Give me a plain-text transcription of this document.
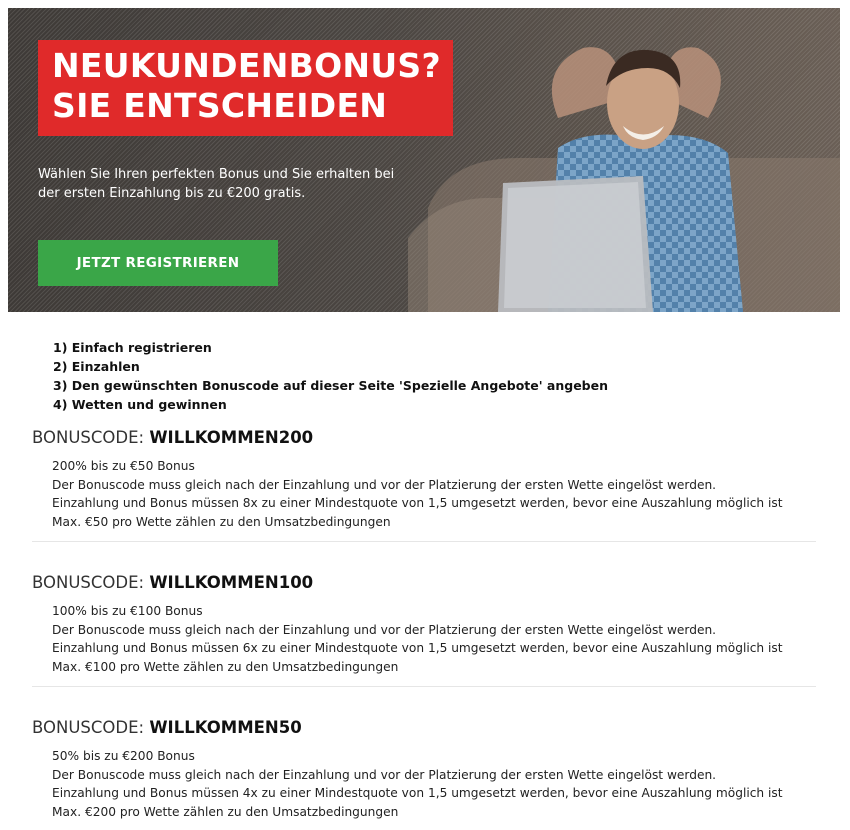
NEUKUNDENBONUS?
SIE ENTSCHEIDEN

Wählen Sie Ihren perfekten Bonus und Sie erhalten bei der ersten Einzahlung bis zu €200 gratis.

JETZT REGISTRIEREN
1) Einfach registrieren
2) Einzahlen
3) Den gewünschten Bonuscode auf dieser Seite 'Spezielle Angebote' angeben
4) Wetten und gewinnen
BONUSCODE: WILLKOMMEN200
200% bis zu €50 Bonus
Der Bonuscode muss gleich nach der Einzahlung und vor der Platzierung der ersten Wette eingelöst werden.
Einzahlung und Bonus müssen 8x zu einer Mindestquote von 1,5 umgesetzt werden, bevor eine Auszahlung möglich ist
Max. €50 pro Wette zählen zu den Umsatzbedingungen
BONUSCODE: WILLKOMMEN100
100% bis zu €100 Bonus
Der Bonuscode muss gleich nach der Einzahlung und vor der Platzierung der ersten Wette eingelöst werden.
Einzahlung und Bonus müssen 6x zu einer Mindestquote von 1,5 umgesetzt werden, bevor eine Auszahlung möglich ist
Max. €100 pro Wette zählen zu den Umsatzbedingungen
BONUSCODE: WILLKOMMEN50
50% bis zu €200 Bonus
Der Bonuscode muss gleich nach der Einzahlung und vor der Platzierung der ersten Wette eingelöst werden.
Einzahlung und Bonus müssen 4x zu einer Mindestquote von 1,5 umgesetzt werden, bevor eine Auszahlung möglich ist
Max. €200 pro Wette zählen zu den Umsatzbedingungen
